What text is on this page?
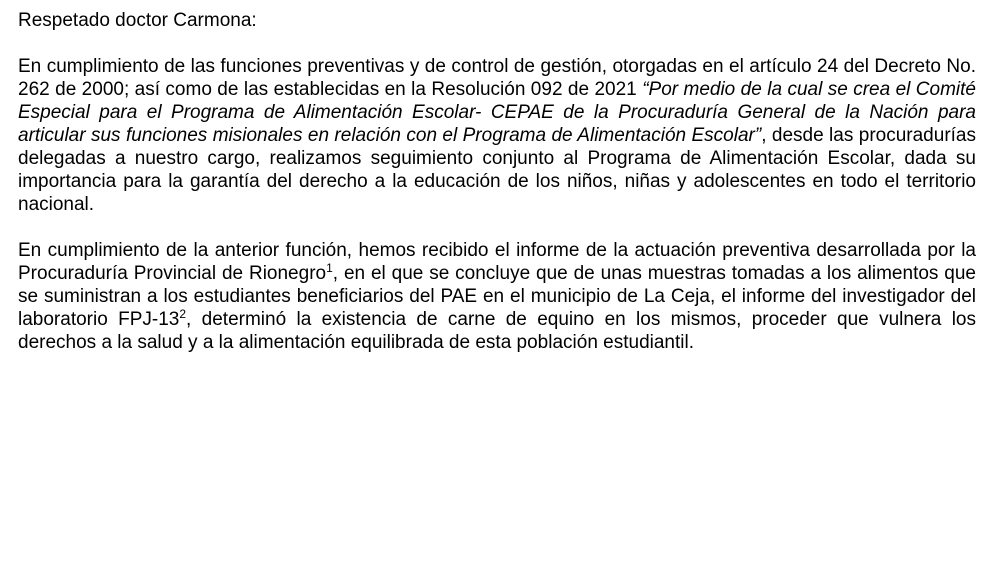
Respetado doctor Carmona:

En cumplimiento de las funciones preventivas y de control de gestión, otorgadas en el artículo 24 del Decreto No. 262 de 2000; así como de las establecidas en la Resolución 092 de 2021 “Por medio de la cual se crea el Comité Especial para el Programa de Alimentación Escolar- CEPAE de la Procuraduría General de la Nación para articular sus funciones misionales en relación con el Programa de Alimentación Escolar”, desde las procuradurías delegadas a nuestro cargo, realizamos seguimiento conjunto al Programa de Alimentación Escolar, dada su importancia para la garantía del derecho a la educación de los niños, niñas y adolescentes en todo el territorio nacional.

En cumplimiento de la anterior función, hemos recibido el informe de la actuación preventiva desarrollada por la Procuraduría Provincial de Rionegro$^1$, en el que se concluye que de unas muestras tomadas a los alimentos que se suministran a los estudiantes beneficiarios del PAE en el municipio de La Ceja, el informe del investigador del laboratorio FPJ-$13^2$, determinó la existencia de carne de equino en los mismos, proceder que vulnera los derechos a la salud y a la alimentación equilibrada de esta población estudiantil.
